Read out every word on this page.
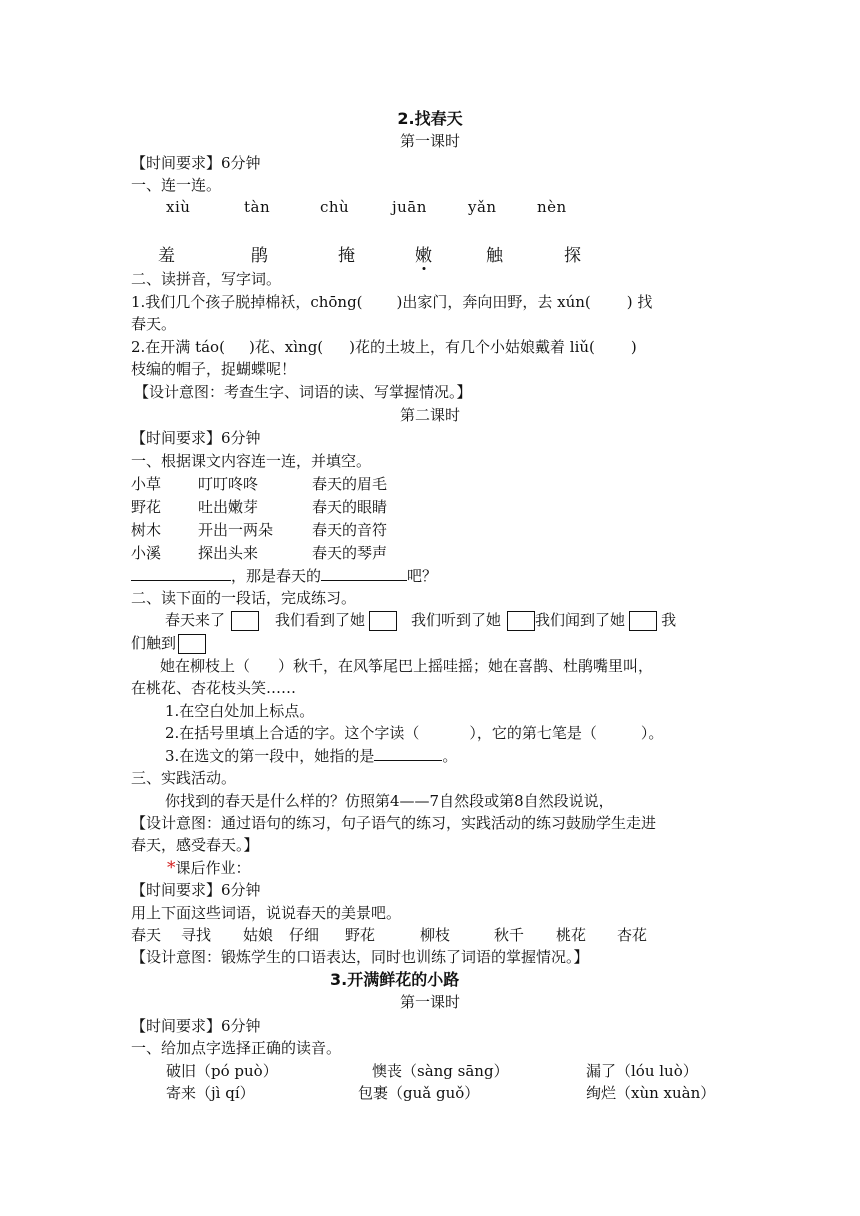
2.找春天
第一课时
【时间要求】6分钟
一、连一连。
xiù	tàn	chù	juān	yǎn	nèn
羞	鹃	掩	嫩	触	探
二、读拼音，写字词。
1.我们几个孩子脱掉棉袄，chōng( )出家门，奔向田野，去 xún( ) 找
春天。
2.在开满 táo( )花、xìng( )花的土坡上，有几个小姑娘戴着 liǔ( )
枝编的帽子，捉蝴蝶呢！
【设计意图：考查生字、词语的读、写掌握情况。】
第二课时
【时间要求】6分钟
一、根据课文内容连一连，并填空。
小草 叮叮咚咚	春天的眉毛
野花 吐出嫩芽	春天的眼睛
树木 开出一两朵	春天的音符
小溪 探出头来	春天的琴声
，那是春天的	吧？
二、读下面的一段话，完成练习。
春天来了	我们看到了她	我们听到了她 我们闻到了她 我
们触到
她在柳枝上（ ）秋千，在风筝尾巴上摇哇摇；她在喜鹊、杜鹃嘴里叫，
在桃花、杏花枝头笑……
1.在空白处加上标点。
2.在括号里填上合适的字。这个字读（	），它的第七笔是（	）。
3.在选文的第一段中，她指的是	。
三、实践活动。
你找到的春天是什么样的？仿照第4——7自然段或第8自然段说说，
【设计意图：通过语句的练习，句子语气的练习，实践活动的练习鼓励学生走进
春天，感受春天。】
*课后作业：
【时间要求】6分钟
用上下面这些词语，说说春天的美景吧。
春天 寻找 姑娘 仔细 野花	柳枝	秋千 桃花 杏花
【设计意图：锻炼学生的口语表达，同时也训练了词语的掌握情况。】
3.开满鲜花的小路
第一课时
【时间要求】6分钟
一、给加点字选择正确的读音。
破旧（pó può）	懊丧（sàng sāng）	漏了（lóu luò）
寄来（jì qí）	包裹（guǎ guǒ）	绚烂（xùn xuàn）
